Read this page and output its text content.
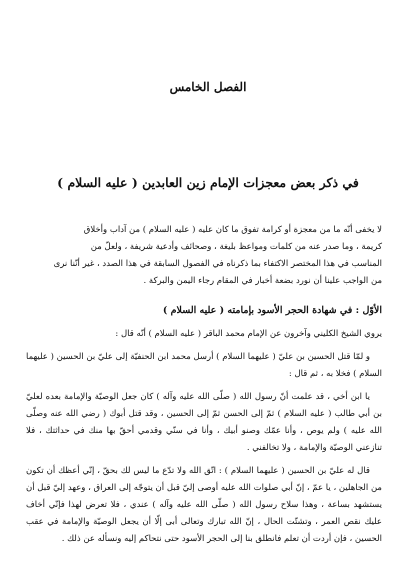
الفصل الخامس
في ذكر بعض معجزات الإمام زين العابدين ( عليه السلام )

لا يخفى أنّه ما من معجزة أو كرامة تفوق ما كان عليه ( عليه السلام ) من آداب وأخلاق

كريمة ، وما صدر عنه من كلمات ومواعظ بليغة ، وصحائف وأدعية شريفة ، ولعلّ من

المناسب في هذا المختصر الاكتفاء بما ذكرناه في الفصول السابقة في هذا الصدد ، غير أنّنا نرى

من الواجب علينا أن نورد بضعة أخبار في المقام رجاء اليمن والبركة .

الأوّل : في شهادة الحجر الأسود بإمامته ( عليه السلام )

يروي الشيخ الكليني وآخرون عن الإمام محمد الباقر ( عليه السلام ) أنّه قال :

و لمّا قتل الحسين بن عليّ ( عليهما السلام ) أرسل محمد ابن الحنفيّة إلى عليّ بن الحسين ( عليهما السلام ) فخلا به ، ثم قال :

يا ابن أخي ، قد علمت أنّ رسول الله ( صلّى الله عليه وآله ) كان جعل الوصيّة والإمامة بعده لعليّ بن أبي طالب ( عليه السلام ) ثمّ إلى الحسن ثمّ إلى الحسين ، وقد قتل أبوك ( رضي الله عنه وصلّى الله عليه ) ولم يوص ، وأنا عمّك وصنو أبيك ، وأنا في سنّي وقدمي أحقّ بها منك في حداثتك ، فلا تنازعني الوصيّة والإمامة ، ولا تخالفني .

قال له عليّ بن الحسين ( عليهما السلام ) : اتّق الله ولا تدّع ما ليس لك بحقّ ، إنّي أعظك أن تكون من الجاهلين ، يا عمّ ، إنّ أبي صلوات الله عليه أوصى إليّ قبل أن يتوجّه إلى العراق ، وعهد إليّ قبل أن يستشهد بساعة ، وهذا سلاح رسول الله ( صلّى الله عليه وآله ) عندي ، فلا تعرض لهذا فإنّي أخاف عليك نقص العمر ، وتشتّت الحال ، إنّ الله تبارك وتعالى أبى إلّا أن يجعل الوصيّة والإمامة في عقب الحسين ، فإن أردت أن تعلم فانطلق بنا إلى الحجر الأسود حتى نتحاكم إليه ونسأله عن ذلك .
